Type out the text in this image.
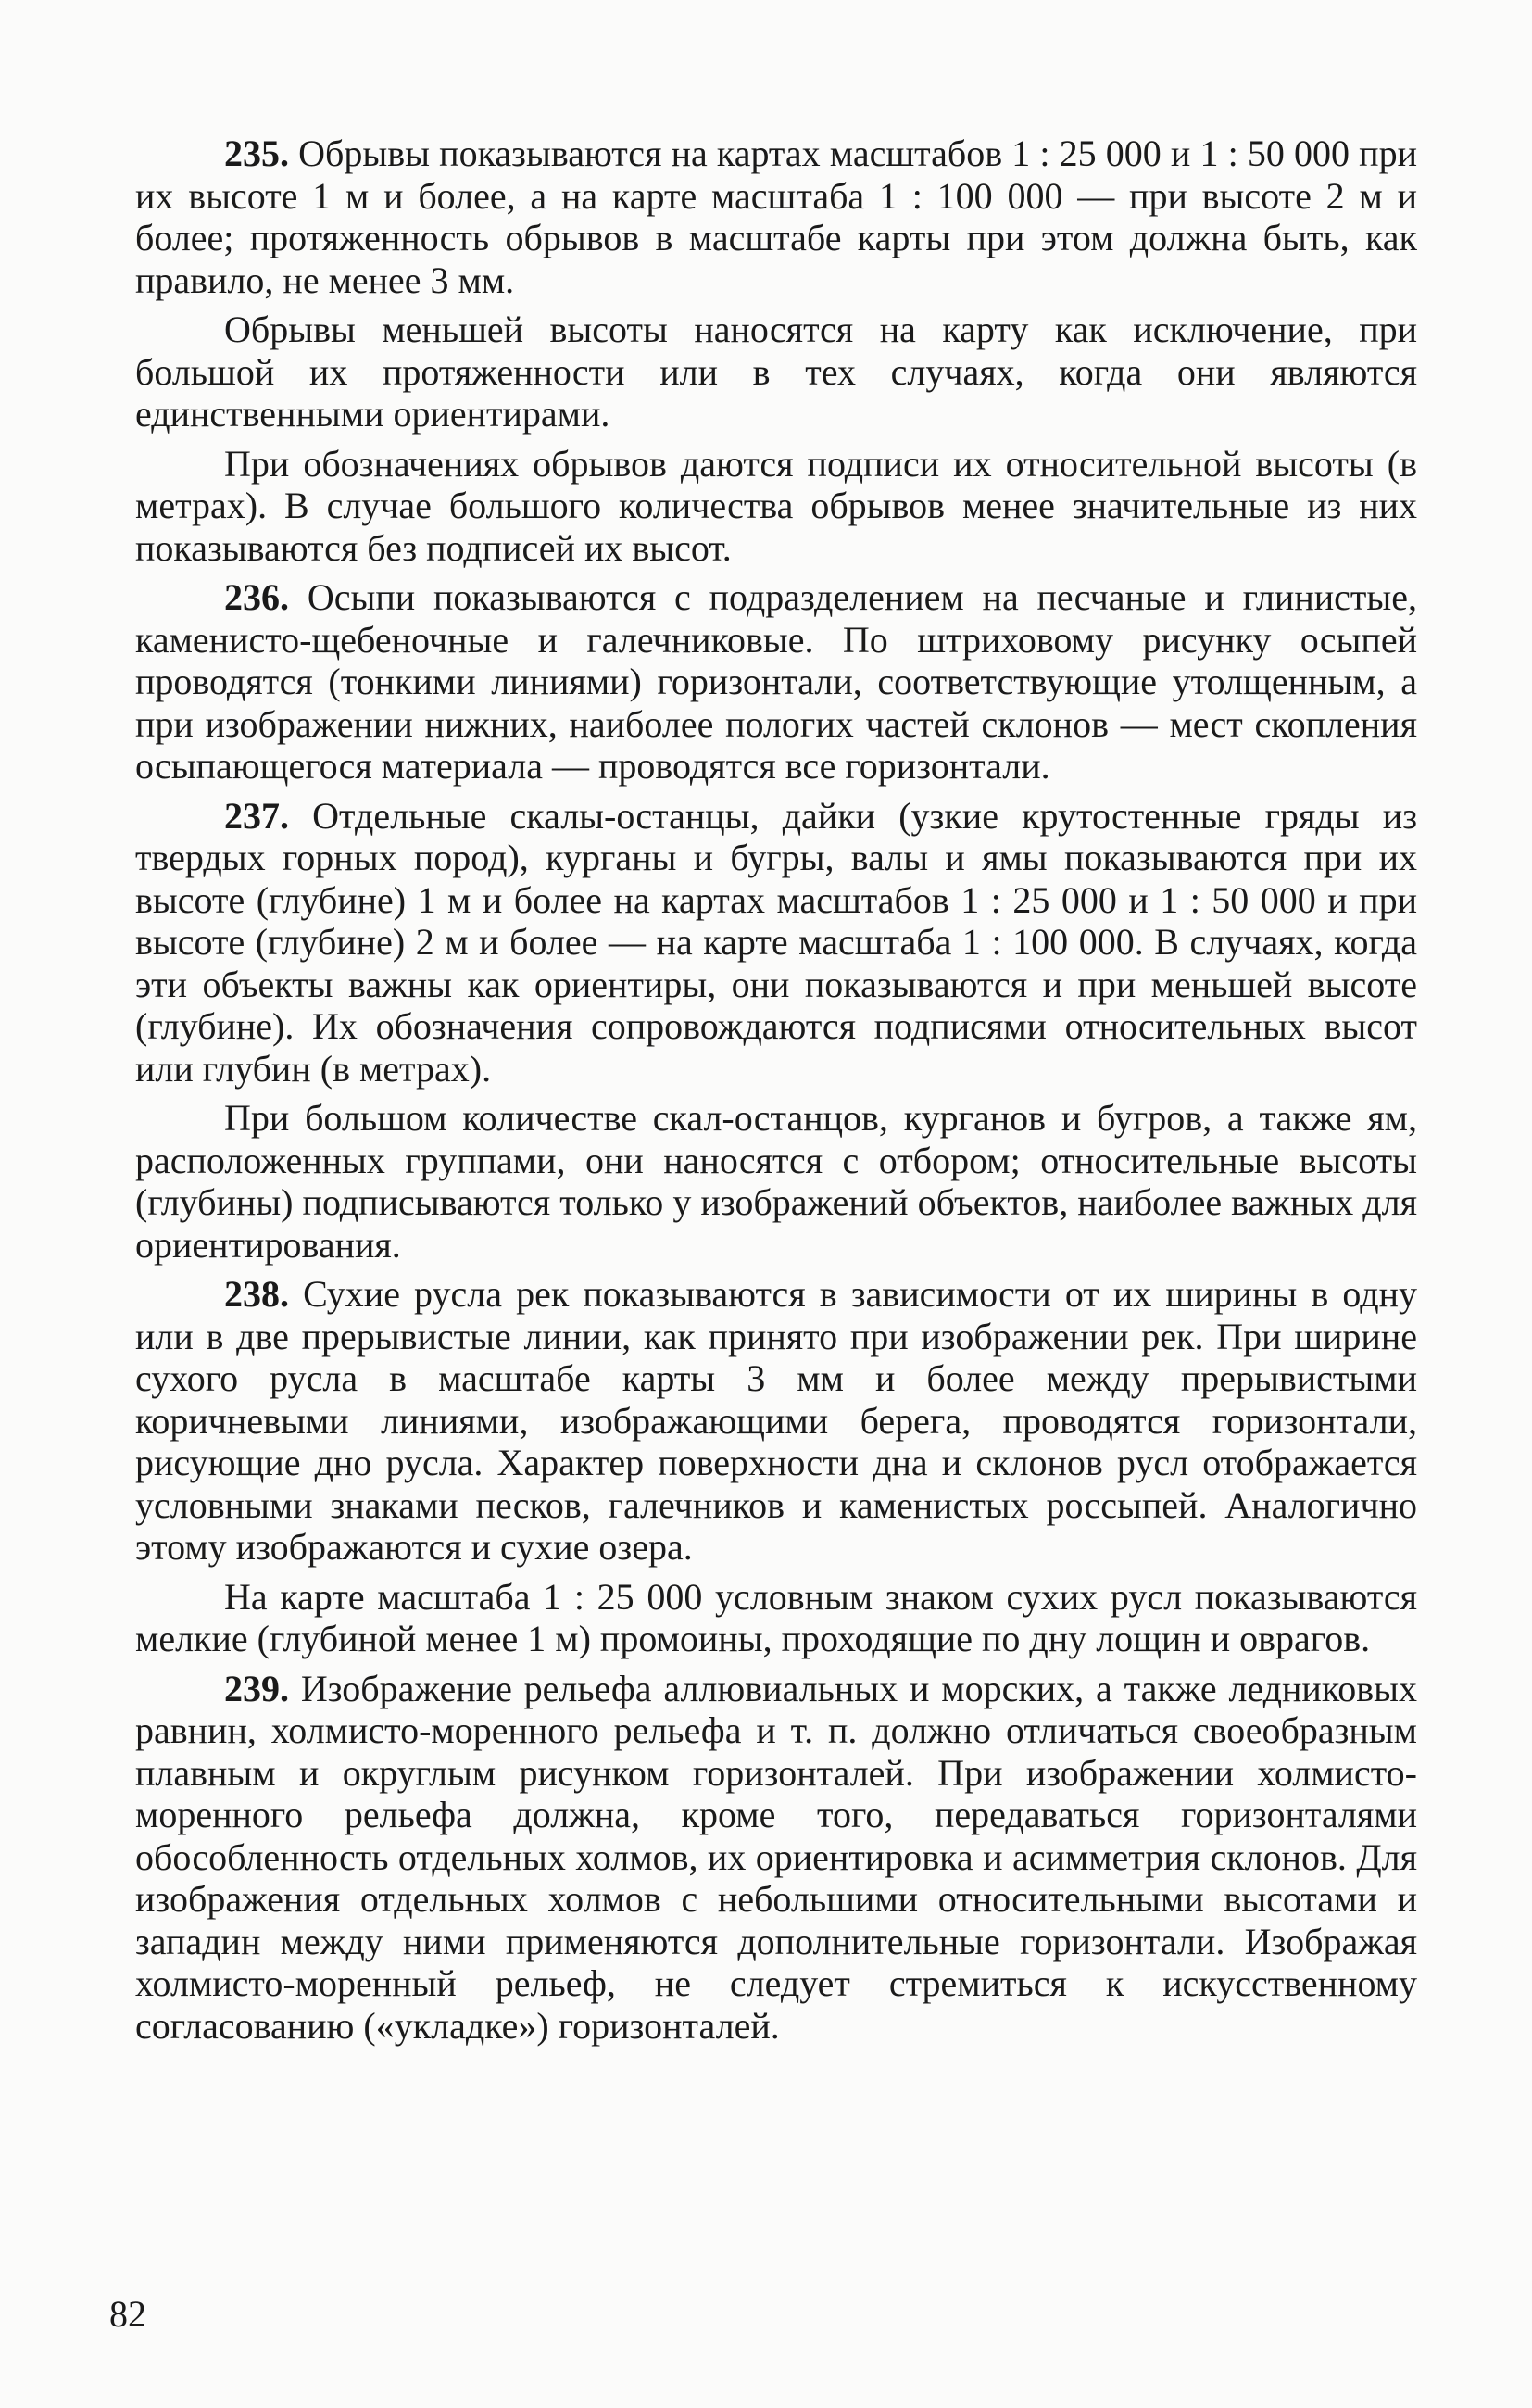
235. Обрывы показываются на картах масштабов 1 : 25 000 и 1 : 50 000 при их высоте 1 м и более, а на карте масштаба 1 : 100 000 — при высоте 2 м и более; протяженность обрывов в масштабе карты при этом должна быть, как правило, не менее 3 мм.

Обрывы меньшей высоты наносятся на карту как исключение, при большой их протяженности или в тех случаях, когда они являются единственными ориентирами.

При обозначениях обрывов даются подписи их относительной высоты (в метрах). В случае большого количества обрывов менее значительные из них показываются без подписей их высот.

236. Осыпи показываются с подразделением на песчаные и глинистые, каменисто-щебеночные и галечниковые. По штриховому рисунку осыпей проводятся (тонкими линиями) горизонтали, соответствующие утолщенным, а при изображении нижних, наиболее пологих частей склонов — мест скопления осыпающегося материала — проводятся все горизонтали.

237. Отдельные скалы-останцы, дайки (узкие крутостенные гряды из твердых горных пород), курганы и бугры, валы и ямы показываются при их высоте (глубине) 1 м и более на картах масштабов 1 : 25 000 и 1 : 50 000 и при высоте (глубине) 2 м и более — на карте масштаба 1 : 100 000. В случаях, когда эти объекты важны как ориентиры, они показываются и при меньшей высоте (глубине). Их обозначения сопровождаются подписями относительных высот или глубин (в метрах).

При большом количестве скал-останцов, курганов и бугров, а также ям, расположенных группами, они наносятся с отбором; относительные высоты (глубины) подписываются только у изображений объектов, наиболее важных для ориентирования.

238. Сухие русла рек показываются в зависимости от их ширины в одну или в две прерывистые линии, как принято при изображении рек. При ширине сухого русла в масштабе карты 3 мм и более между прерывистыми коричневыми линиями, изображающими берега, проводятся горизонтали, рисующие дно русла. Характер поверхности дна и склонов русл отображается условными знаками песков, галечников и каменистых россыпей. Аналогично этому изображаются и сухие озера.

На карте масштаба 1 : 25 000 условным знаком сухих русл показываются мелкие (глубиной менее 1 м) промоины, проходящие по дну лощин и оврагов.

239. Изображение рельефа аллювиальных и морских, а также ледниковых равнин, холмисто-моренного рельефа и т. п. должно отличаться своеобразным плавным и округлым рисунком горизонталей. При изображении холмисто-моренного рельефа должна, кроме того, передаваться горизонталями обособленность отдельных холмов, их ориентировка и асимметрия склонов. Для изображения отдельных холмов с небольшими относительными высотами и западин между ними применяются дополнительные горизонтали. Изображая холмисто-моренный рельеф, не следует стремиться к искусственному согласованию («укладке») горизонталей.

82
